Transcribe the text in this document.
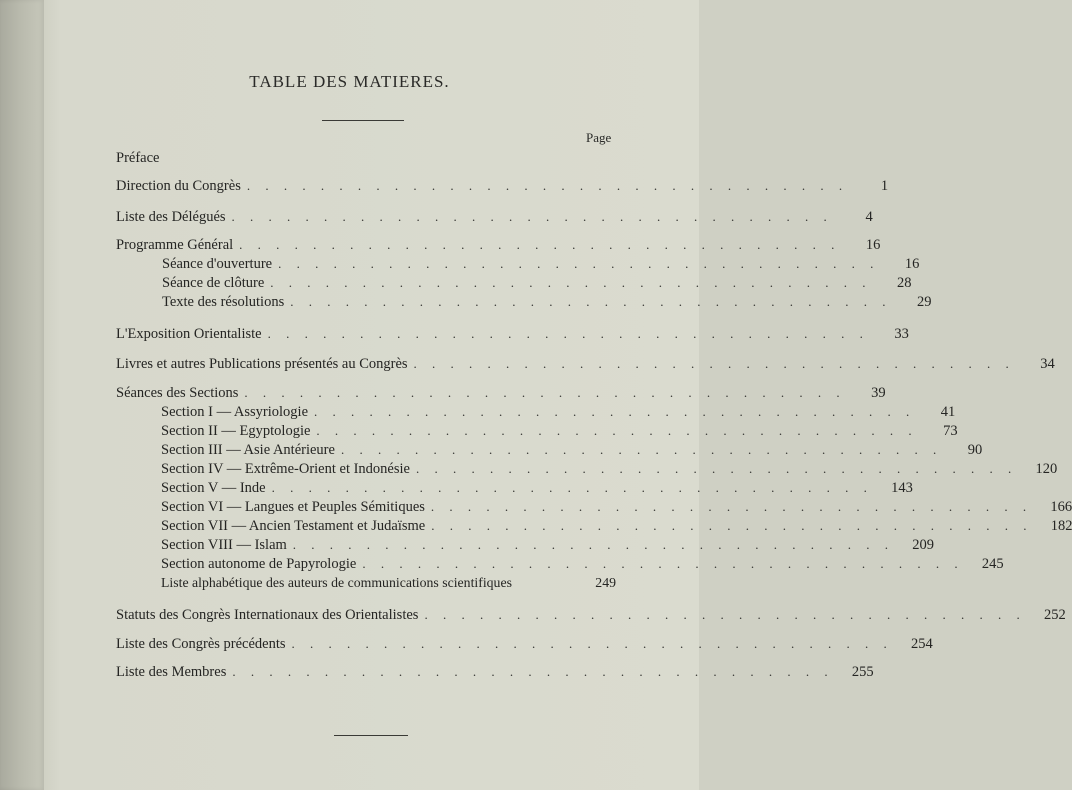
TABLE DES MATIERES.
Page
Préface
Direction du Congrès . . . . . . . . . . . . . . . . . . . . . . . . . . . . . . . . .	1
Liste des Délégués . . . . . . . . . . . . . . . . . . . . . . . . . . . . . . . . .	4
Programme Général . . . . . . . . . . . . . . . . . . . . . . . . . . . . . . . . .	16
Séance d'ouverture . . . . . . . . . . . . . . . . . . . . . . . . . . . . . . . . .	16
Séance de clôture . . . . . . . . . . . . . . . . . . . . . . . . . . . . . . . . .	28
Texte des résolutions . . . . . . . . . . . . . . . . . . . . . . . . . . . . . . . . .	29
L'Exposition Orientaliste . . . . . . . . . . . . . . . . . . . . . . . . . . . . . . . . .	33
Livres et autres Publications présentés au Congrès . . . . . . . . . . . . . . . . . . . . . . . . . . . . . . . . .	34
Séances des Sections . . . . . . . . . . . . . . . . . . . . . . . . . . . . . . . . .	39
Section I — Assyriologie . . . . . . . . . . . . . . . . . . . . . . . . . . . . . . . . .	41
Section II — Egyptologie . . . . . . . . . . . . . . . . . . . . . . . . . . . . . . . . .	73
Section III — Asie Antérieure . . . . . . . . . . . . . . . . . . . . . . . . . . . . . . . . .	90
Section IV — Extrême-Orient et Indonésie . . . . . . . . . . . . . . . . . . . . . . . . . . . . . . . . .	120
Section V — Inde . . . . . . . . . . . . . . . . . . . . . . . . . . . . . . . . .	143
Section VI — Langues et Peuples Sémitiques . . . . . . . . . . . . . . . . . . . . . . . . . . . . . . . . .	166
Section VII — Ancien Testament et Judaïsme . . . . . . . . . . . . . . . . . . . . . . . . . . . . . . . . .	182
Section VIII — Islam . . . . . . . . . . . . . . . . . . . . . . . . . . . . . . . . .	209
Section autonome de Papyrologie . . . . . . . . . . . . . . . . . . . . . . . . . . . . . . . . .	245
Liste alphabétique des auteurs de communications scientifiques	249
Statuts des Congrès Internationaux des Orientalistes . . . . . . . . . . . . . . . . . . . . . . . . . . . . . . . . .	252
Liste des Congrès précédents . . . . . . . . . . . . . . . . . . . . . . . . . . . . . . . . .	254
Liste des Membres . . . . . . . . . . . . . . . . . . . . . . . . . . . . . . . . .	255
